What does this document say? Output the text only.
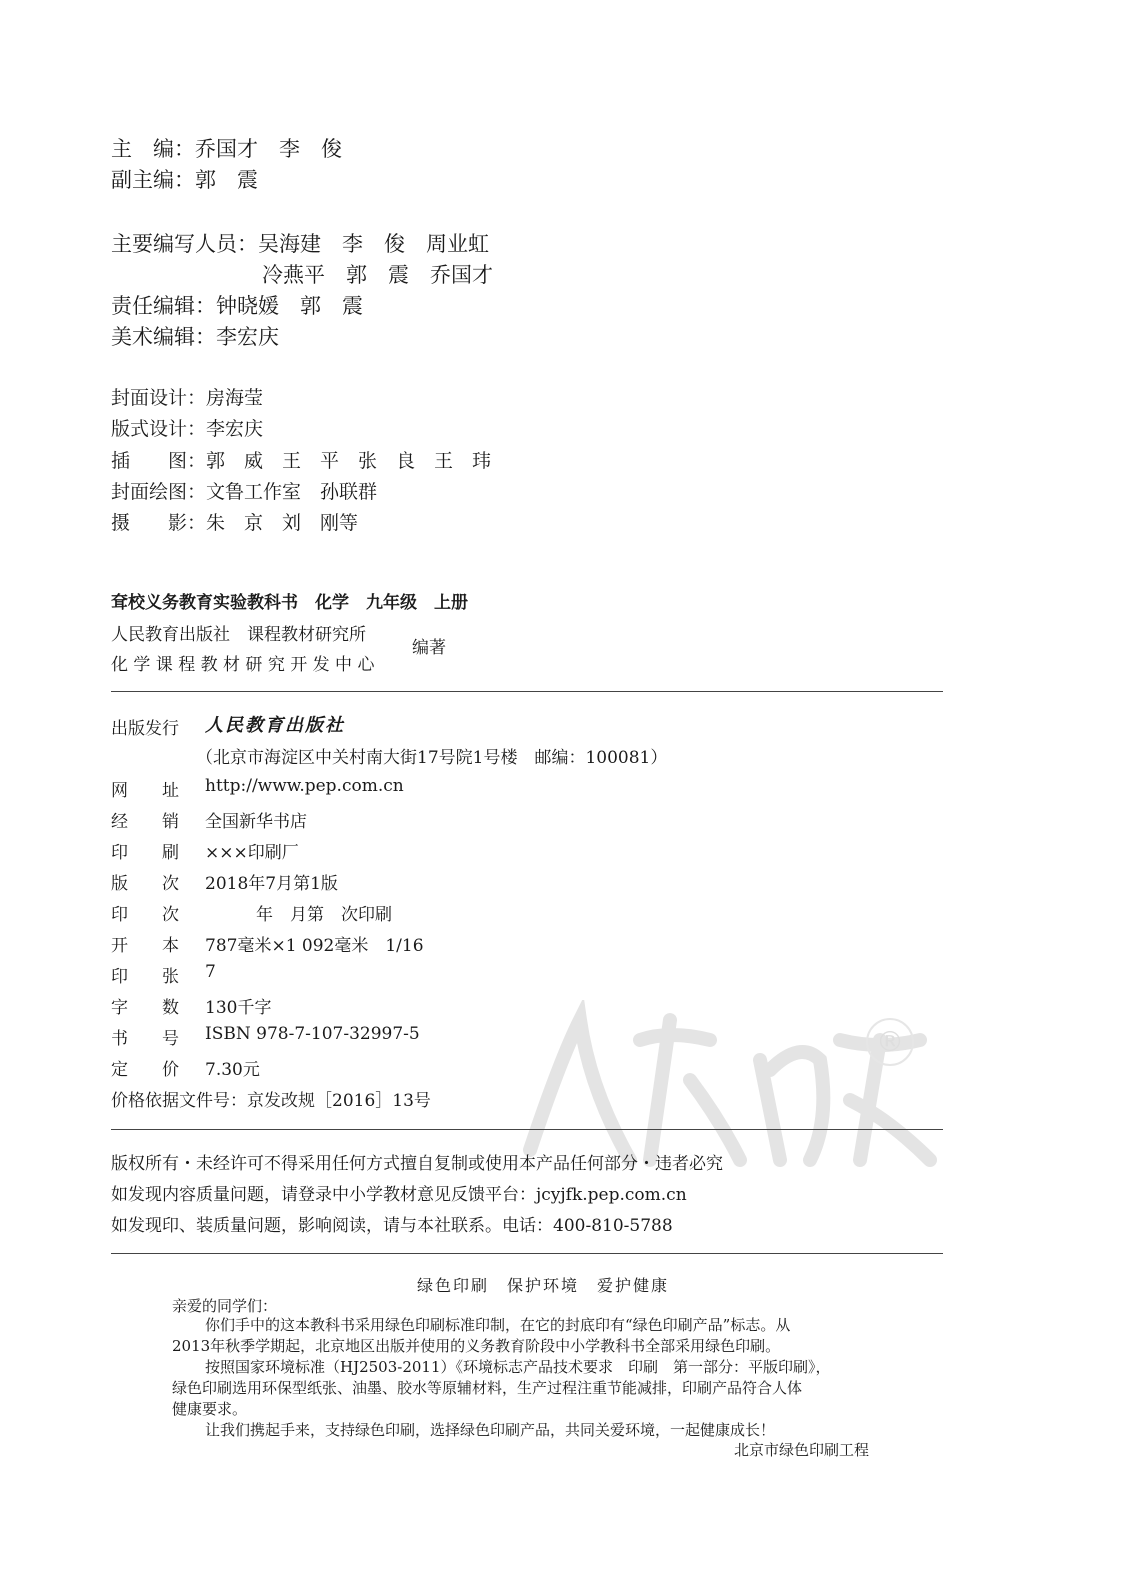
®
主　编：乔国才　李　俊
副主编：郭　震
主要编写人员：吴海建　李　俊　周业虹
冷燕平　郭　震　乔国才
责任编辑：钟晓媛　郭　震
美术编辑：李宏庆
封面设计：房海莹
版式设计：李宏庆
插　　图：郭　威　王　平　张　良　王　玮
封面绘图：文鲁工作室　孙联群
摄　　影：朱　京　刘　刚等
耷校义务教育实验教科书　化学　九年级　上册
人民教育出版社　课程教材研究所
化 学 课 程 教 材 研 究 开 发 中 心
编著
出版发行 人民教育出版社
（北京市海淀区中关村南大街17号院1号楼　邮编：100081）
网　　址 http://www.pep.com.cn
经　　销 全国新华书店
印　　刷 ×××印刷厂
版　　次 2018年7月第1版
印　　次 　　　年　月第　次印刷
开　　本 787毫米×1 092毫米　1/16
印　　张 7
字　　数 130千字
书　　号 ISBN 978-7-107-32997-5
定　　价 7.30元
价格依据文件号：京发改规［2016］13号
版权所有・未经许可不得采用任何方式擅自复制或使用本产品任何部分・违者必究
如发现内容质量问题，请登录中小学教材意见反馈平台：jcyjfk.pep.com.cn
如发现印、装质量问题，影响阅读，请与本社联系。电话：400-810-5788
绿色印刷　保护环境　爱护健康
亲爱的同学们：
你们手中的这本教科书采用绿色印刷标准印制，在它的封底印有“绿色印刷产品”标志。从
2013年秋季学期起，北京地区出版并使用的义务教育阶段中小学教科书全部采用绿色印刷。
按照国家环境标准（HJ2503-2011）《环境标志产品技术要求　印刷　第一部分：平版印刷》，
绿色印刷选用环保型纸张、油墨、胶水等原辅材料，生产过程注重节能减排，印刷产品符合人体
健康要求。
让我们携起手来，支持绿色印刷，选择绿色印刷产品，共同关爱环境，一起健康成长！
北京市绿色印刷工程
